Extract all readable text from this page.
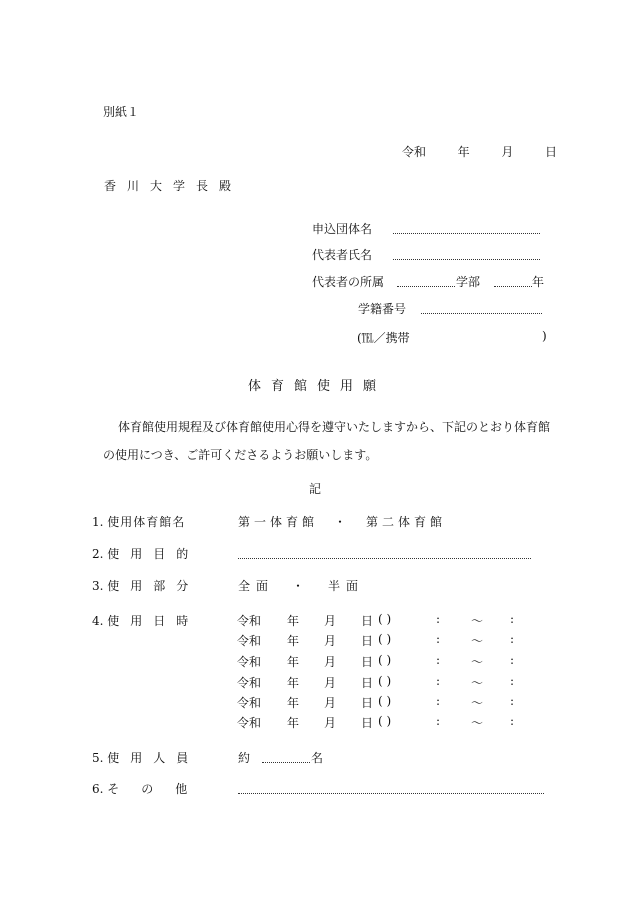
別紙１
令和	年	月	日
香川大学長殿
申込団体名
代表者氏名
代表者の所属	学部	年
学籍番号
(℡／携帯	)
体育館使用願
体育館使用規程及び体育館使用心得を遵守いたしますから、下記のとおり体育館
の使用につき、ご許可くださるようお願いします。
記
1. 使用体育館名	第一体育館　・　第二体育館
2. 使用目的
3. 使用部分	全面　・　半面
4. 使用日時	令和 年 月 日 ( )	:	〜 :
令和 年 月 日 ( )	:	〜 :
令和 年 月 日 ( )	:	〜 :
令和 年 月 日 ( )	:	〜 :
令和 年 月 日 ( )	:	〜 :
令和 年 月 日 ( )	:	〜 :
5. 使用人員	約	名
6. その他
